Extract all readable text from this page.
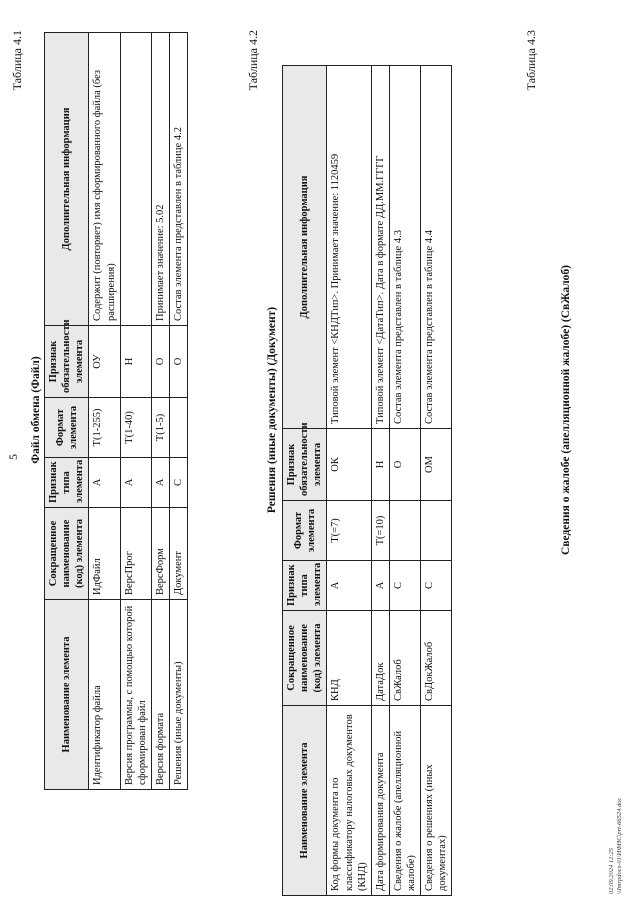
5
Таблица 4.1
Файл обмена (Файл)
Наименование элемента	Сокращенное наименование (код) элемента	Признак типа элемента	Формат элемента	Признак обязательности элемента	Дополнительная информация
Идентификатор файла	ИдФайл	А	T(1-255)	ОУ	Содержит (повторяет) имя сформированного файла (без расширения)
Версия программы, с помощью которой сформирован файл	ВерсПрог	А	T(1-40)	Н	
Версия формата	ВерсФорм	А	T(1-5)	О	Принимает значение: 5.02
Решения (иные документы)	Документ	С		О	Состав элемента представлен в таблице 4.2
Таблица 4.2
Решения (иные документы) (Документ)
Наименование элемента	Сокращенное наименование (код) элемента	Признак типа элемента	Формат элемента	Признак обязательности элемента	Дополнительная информация
Код формы документа по классификатору налоговых документов (КНД)	КНД	А	T(=7)	ОК	Типовой элемент <КНДТип>. Принимает значение: 1120459
Дата формирования документа	ДатаДок	А	T(=10)	Н	Типовой элемент <ДатаТип>. Дата в формате ДД.ММ.ГГГГ
Сведения о жалобе (апелляционной жалобе)	СвЖалоб	С		О	Состав элемента представлен в таблице 4.3
Сведения о решениях (иных документах)	СвДокЖалоб	С		ОМ	Состав элемента представлен в таблице 4.4
Таблица 4.3
Сведения о жалобе (апелляционной жалобе) (СвЖалоб)
02.09.2024 12:25 \\Imrpdocs-01\ИФНС\prt-66524.doc
